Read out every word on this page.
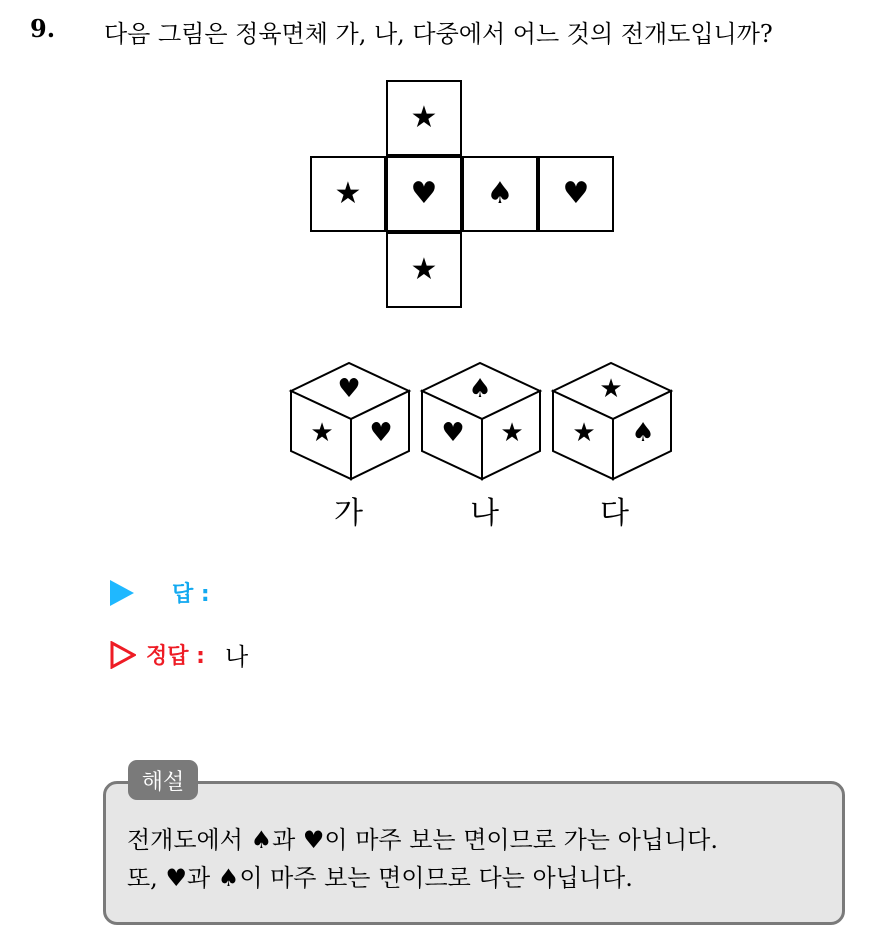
9. 다음 그림은 정육면체 가, 나, 다중에서 어느 것의 전개도입니까?
★
★	♥	♠	♥
★
♥
★ ♥
♠
♥ ★
★
★ ♠
가	나	다
답 :
정답 : 나
해설
전개도에서 ♠과 ♥이 마주 보는 면이므로 가는 아닙니다.
또, ♥과 ♠이 마주 보는 면이므로 다는 아닙니다.
